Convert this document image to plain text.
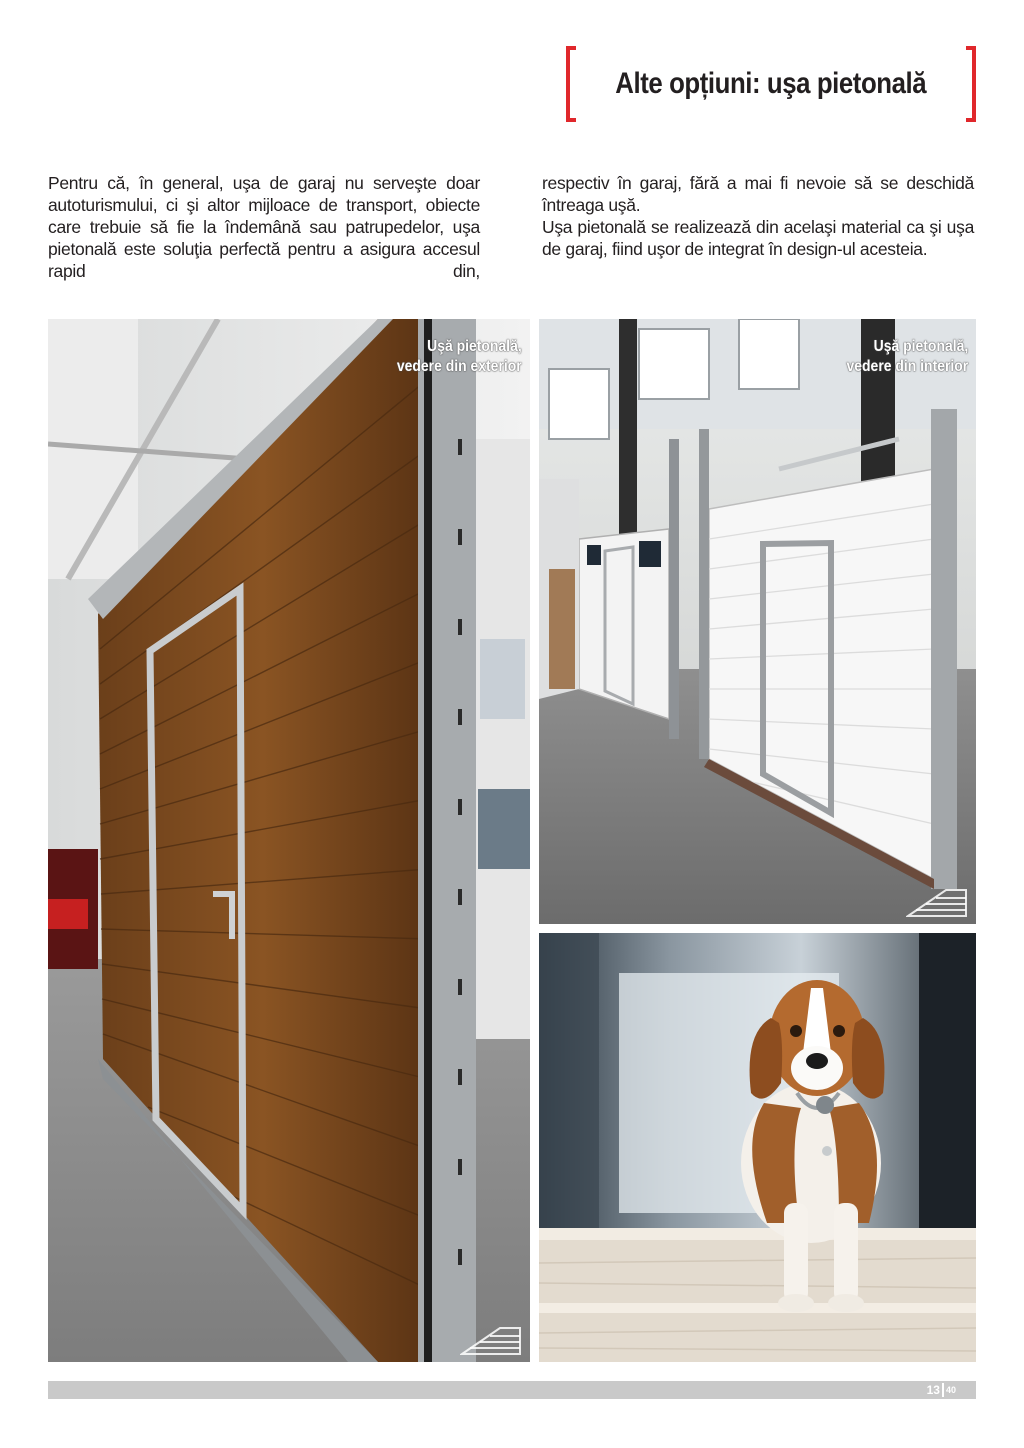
Alte opțiuni: uşa pietonală

Pentru că, în general, uşa de garaj nu serveşte doar autoturismului, ci şi altor mijloace de transport, obiecte care trebuie să fie la îndemână sau patrupedelor, uşa pietonală este soluţia perfectă pentru a asigura accesul rapid din,

respectiv în garaj, fără a mai fi nevoie să se deschidă întreaga uşă.

Uşa pietonală se realizează din acelaşi material ca şi uşa de garaj, fiind uşor de integrat în design-ul acesteia.

Uşă pietonală,
vedere din exterior
Uşă pietonală,
vedere din interior
13 40
